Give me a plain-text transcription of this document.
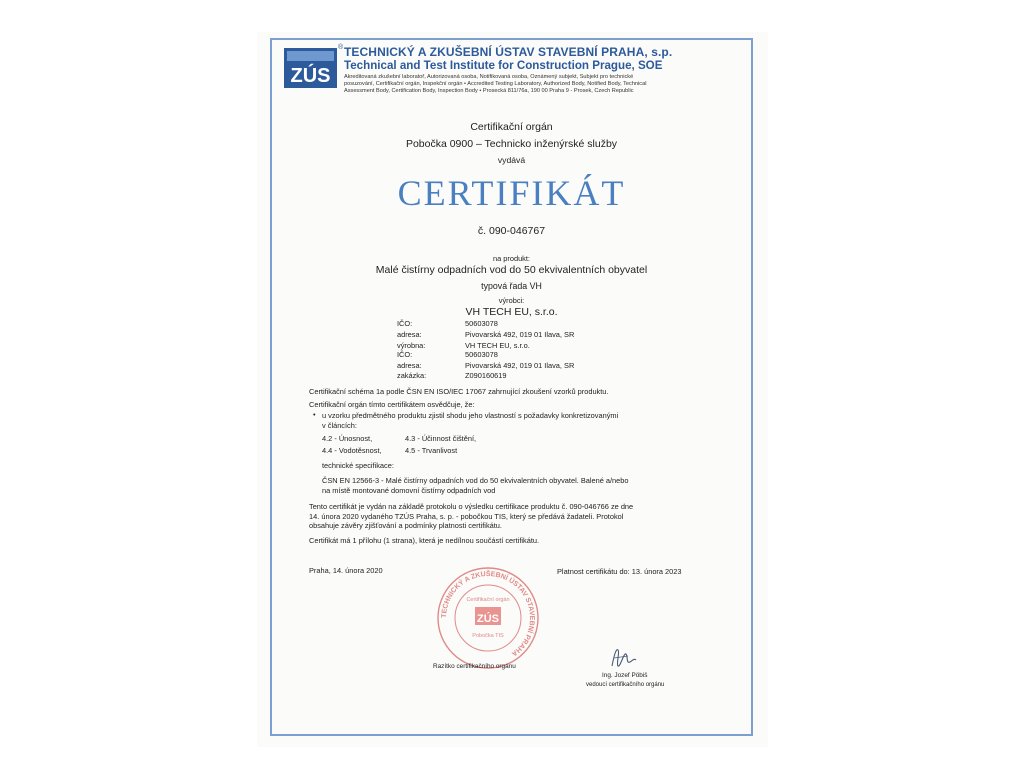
ZÚS
® TECHNICKÝ A ZKUŠEBNÍ ÚSTAV STAVEBNÍ PRAHA, s.p.
Technical and Test Institute for Construction Prague, SOE
Akreditovaná zkušební laboratoř, Autorizovaná osoba, Notifikovaná osoba, Oznámený subjekt, Subjekt pro technické
posuzování, Certifikační orgán, Inspekční orgán • Accredited Testing Laboratory, Authorized Body, Notified Body, Technical
Assessment Body, Certification Body, Inspection Body • Prosecká 811/76a, 190 00 Praha 9 - Prosek, Czech Republic
Certifikační orgán
Pobočka 0900 – Technicko inženýrské služby
vydává
CERTIFIKÁT
č. 090-046767
na produkt:
Malé čistírny odpadních vod do 50 ekvivalentních obyvatel
typová řada VH
výrobci:
VH TECH EU, s.r.o.
IČO:	50603078
adresa:	Pivovarská 492, 019 01 Ilava, SR
výrobna:	VH TECH EU, s.r.o.
IČO:	50603078
adresa:	Pivovarská 492, 019 01 Ilava, SR
zakázka:	Z090160619
Certifikační schéma 1a podle ČSN EN ISO/IEC 17067 zahrnující zkoušení vzorků produktu.
Certifikační orgán tímto certifikátem osvědčuje, že:
• u vzorku předmětného produktu zjistil shodu jeho vlastností s požadavky konkretizovanými
v článcích:
4.2 - Únosnost,	4.3 - Účinnost čištění,
4.4 - Vodotěsnost,	4.5 - Trvanlivost
technické specifikace:
ČSN EN 12566-3 - Malé čistírny odpadních vod do 50 ekvivalentních obyvatel. Balené a/nebo
na místě montované domovní čistírny odpadních vod
Tento certifikát je vydán na základě protokolu o výsledku certifikace produktu č. 090-046766 ze dne
14. února 2020 vydaného TZÚS Praha, s. p. - pobočkou TIS, který se předává žadateli. Protokol
obsahuje závěry zjišťování a podmínky platnosti certifikátu.
Certifikát má 1 přílohu (1 strana), která je nedílnou součástí certifikátu.
Praha, 14. února 2020	Platnost certifikátu do: 13. února 2023
TECHNICKÝ A ZKUŠEBNÍ ÚSTAV STAVEBNÍ PRAHA
Certifikační orgán
ZÚS
Pobočka TIS
Razítko certifikačního orgánu
Ing. Jozef Pöbiš
vedoucí certifikačního orgánu
